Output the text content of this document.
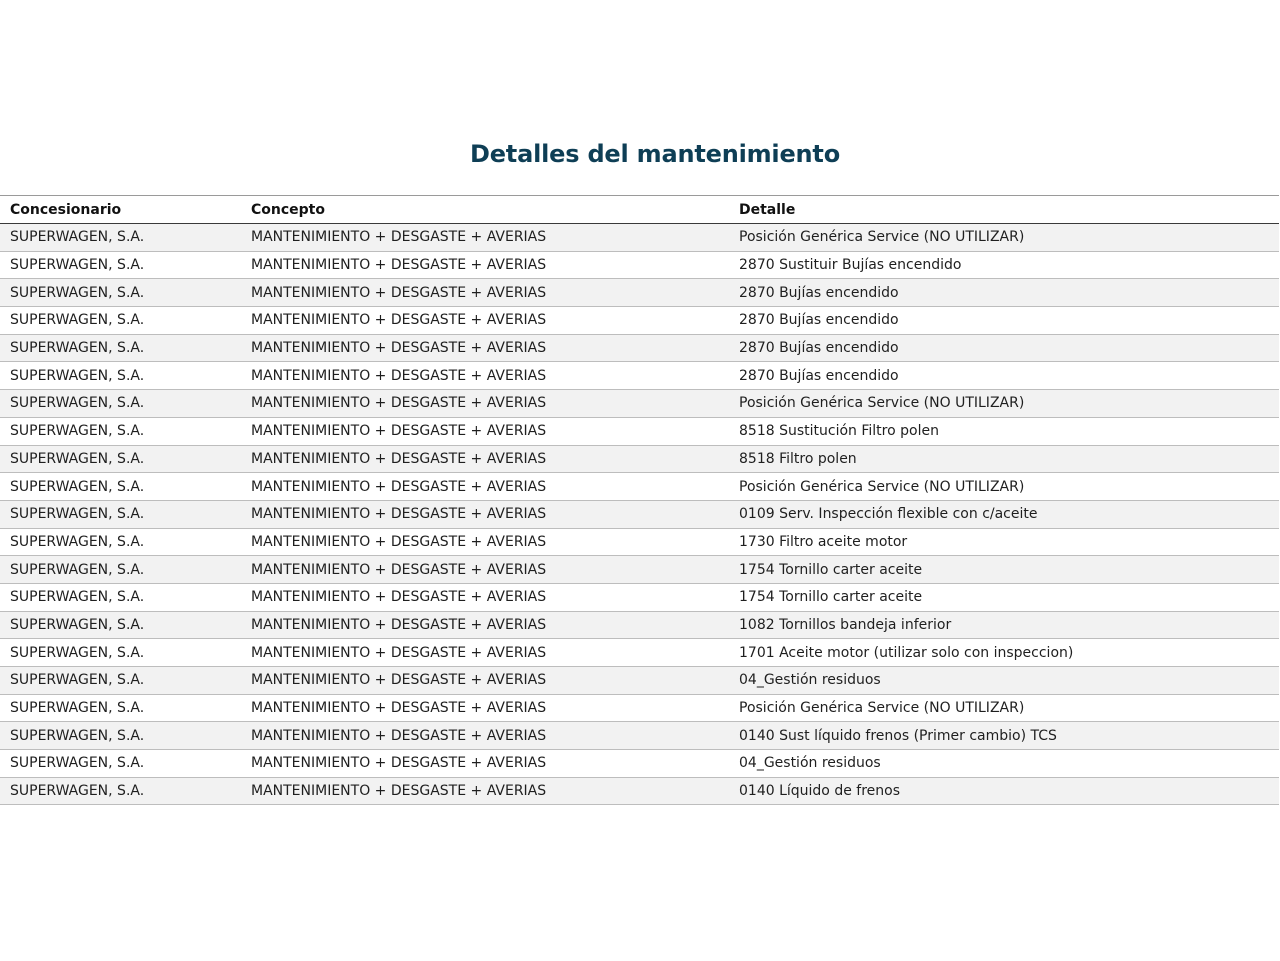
Detalles del mantenimiento
Concesionario	Concepto	Detalle
SUPERWAGEN, S.A.	MANTENIMIENTO + DESGASTE + AVERIAS	Posición Genérica Service (NO UTILIZAR)
SUPERWAGEN, S.A.	MANTENIMIENTO + DESGASTE + AVERIAS	2870 Sustituir Bujías encendido
SUPERWAGEN, S.A.	MANTENIMIENTO + DESGASTE + AVERIAS	2870 Bujías encendido
SUPERWAGEN, S.A.	MANTENIMIENTO + DESGASTE + AVERIAS	2870 Bujías encendido
SUPERWAGEN, S.A.	MANTENIMIENTO + DESGASTE + AVERIAS	2870 Bujías encendido
SUPERWAGEN, S.A.	MANTENIMIENTO + DESGASTE + AVERIAS	2870 Bujías encendido
SUPERWAGEN, S.A.	MANTENIMIENTO + DESGASTE + AVERIAS	Posición Genérica Service (NO UTILIZAR)
SUPERWAGEN, S.A.	MANTENIMIENTO + DESGASTE + AVERIAS	8518 Sustitución Filtro polen
SUPERWAGEN, S.A.	MANTENIMIENTO + DESGASTE + AVERIAS	8518 Filtro polen
SUPERWAGEN, S.A.	MANTENIMIENTO + DESGASTE + AVERIAS	Posición Genérica Service (NO UTILIZAR)
SUPERWAGEN, S.A.	MANTENIMIENTO + DESGASTE + AVERIAS	0109 Serv. Inspección flexible con c/aceite
SUPERWAGEN, S.A.	MANTENIMIENTO + DESGASTE + AVERIAS	1730 Filtro aceite motor
SUPERWAGEN, S.A.	MANTENIMIENTO + DESGASTE + AVERIAS	1754 Tornillo carter aceite
SUPERWAGEN, S.A.	MANTENIMIENTO + DESGASTE + AVERIAS	1754 Tornillo carter aceite
SUPERWAGEN, S.A.	MANTENIMIENTO + DESGASTE + AVERIAS	1082 Tornillos bandeja inferior
SUPERWAGEN, S.A.	MANTENIMIENTO + DESGASTE + AVERIAS	1701 Aceite motor (utilizar solo con inspeccion)
SUPERWAGEN, S.A.	MANTENIMIENTO + DESGASTE + AVERIAS	04_Gestión residuos
SUPERWAGEN, S.A.	MANTENIMIENTO + DESGASTE + AVERIAS	Posición Genérica Service (NO UTILIZAR)
SUPERWAGEN, S.A.	MANTENIMIENTO + DESGASTE + AVERIAS	0140 Sust líquido frenos (Primer cambio) TCS
SUPERWAGEN, S.A.	MANTENIMIENTO + DESGASTE + AVERIAS	04_Gestión residuos
SUPERWAGEN, S.A.	MANTENIMIENTO + DESGASTE + AVERIAS	0140 Líquido de frenos
